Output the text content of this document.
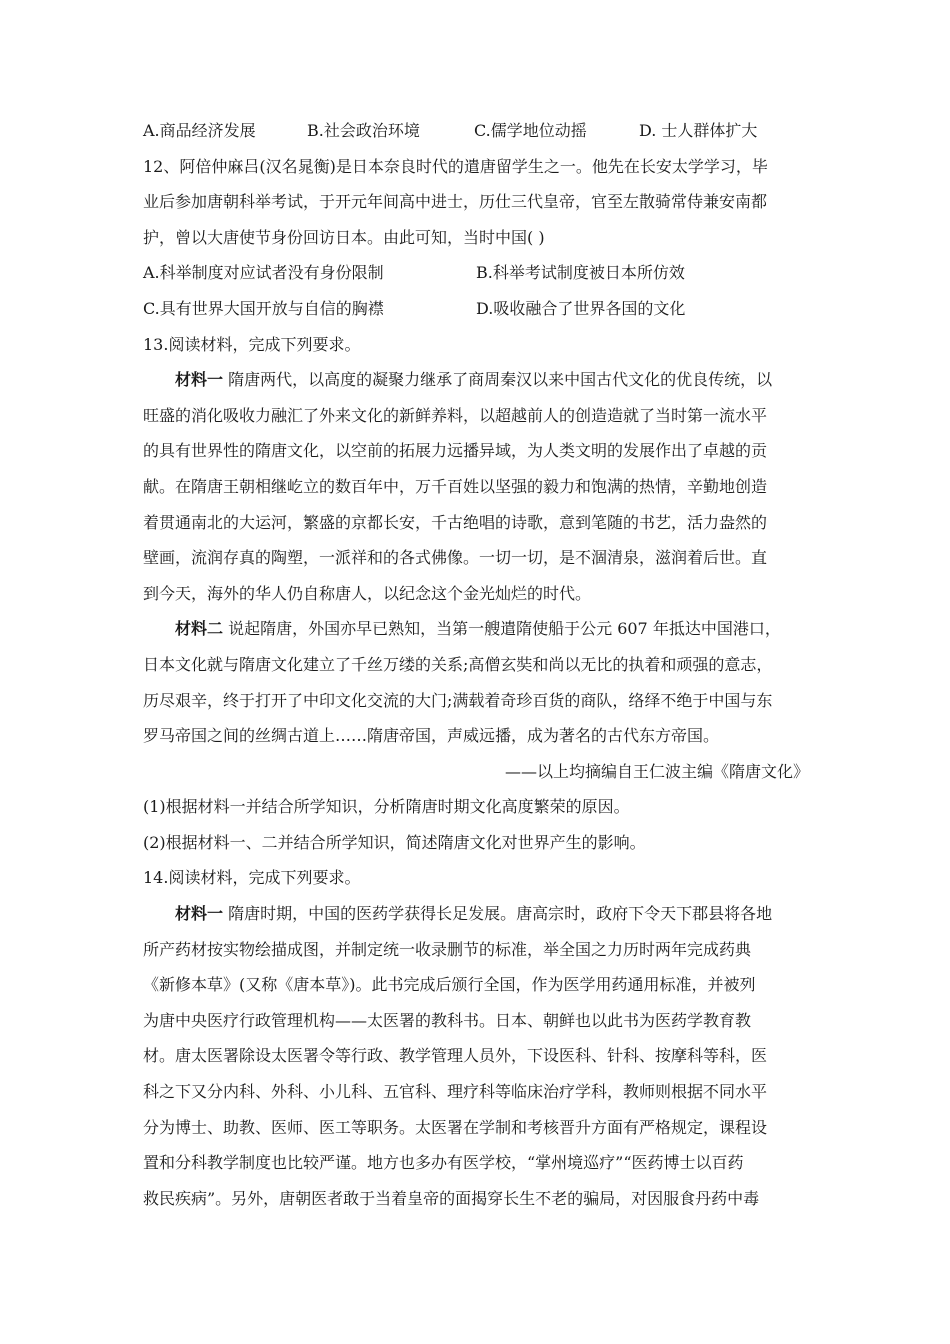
A.商品经济发展	B.社会政治环境	C.儒学地位动摇	D. 士人群体扩大
12、阿倍仲麻吕(汉名晁衡)是日本奈良时代的遣唐留学生之一。他先在长安太学学习，毕
业后参加唐朝科举考试，于开元年间高中进士，历仕三代皇帝，官至左散骑常侍兼安南都
护，曾以大唐使节身份回访日本。由此可知，当时中国( )
A.科举制度对应试者没有身份限制	B.科举考试制度被日本所仿效
C.具有世界大国开放与自信的胸襟	D.吸收融合了世界各国的文化
13.阅读材料，完成下列要求。
材料一 隋唐两代，以高度的凝聚力继承了商周秦汉以来中国古代文化的优良传统，以
旺盛的消化吸收力融汇了外来文化的新鲜养料，以超越前人的创造造就了当时第一流水平
的具有世界性的隋唐文化，以空前的拓展力远播异域，为人类文明的发展作出了卓越的贡
献。在隋唐王朝相继屹立的数百年中，万千百姓以坚强的毅力和饱满的热情，辛勤地创造
着贯通南北的大运河，繁盛的京都长安，千古绝唱的诗歌，意到笔随的书艺，活力盎然的
壁画，流润存真的陶塑，一派祥和的各式佛像。一切一切，是不涸清泉，滋润着后世。直
到今天，海外的华人仍自称唐人，以纪念这个金光灿烂的时代。
材料二 说起隋唐，外国亦早已熟知，当第一艘遣隋使船于公元 607 年抵达中国港口，
日本文化就与隋唐文化建立了千丝万缕的关系;高僧玄奘和尚以无比的执着和顽强的意志，
历尽艰辛，终于打开了中印文化交流的大门;满载着奇珍百货的商队，络绎不绝于中国与东
罗马帝国之间的丝绸古道上……隋唐帝国，声威远播，成为著名的古代东方帝国。
——以上均摘编自王仁波主编《隋唐文化》
(1)根据材料一并结合所学知识，分析隋唐时期文化高度繁荣的原因。
(2)根据材料一、二并结合所学知识，简述隋唐文化对世界产生的影响。
14.阅读材料，完成下列要求。
材料一 隋唐时期，中国的医药学获得长足发展。唐高宗时，政府下令天下郡县将各地
所产药材按实物绘描成图，并制定统一收录删节的标准，举全国之力历时两年完成药典
《新修本草》(又称《唐本草》)。此书完成后颁行全国，作为医学用药通用标准，并被列
为唐中央医疗行政管理机构——太医署的教科书。日本、朝鲜也以此书为医药学教育教
材。唐太医署除设太医署令等行政、教学管理人员外，下设医科、针科、按摩科等科，医
科之下又分内科、外科、小儿科、五官科、理疗科等临床治疗学科，教师则根据不同水平
分为博士、助教、医师、医工等职务。太医署在学制和考核晋升方面有严格规定，课程设
置和分科教学制度也比较严谨。地方也多办有医学校，“掌州境巡疗”“医药博士以百药
救民疾病”。另外，唐朝医者敢于当着皇帝的面揭穿长生不老的骗局，对因服食丹药中毒
